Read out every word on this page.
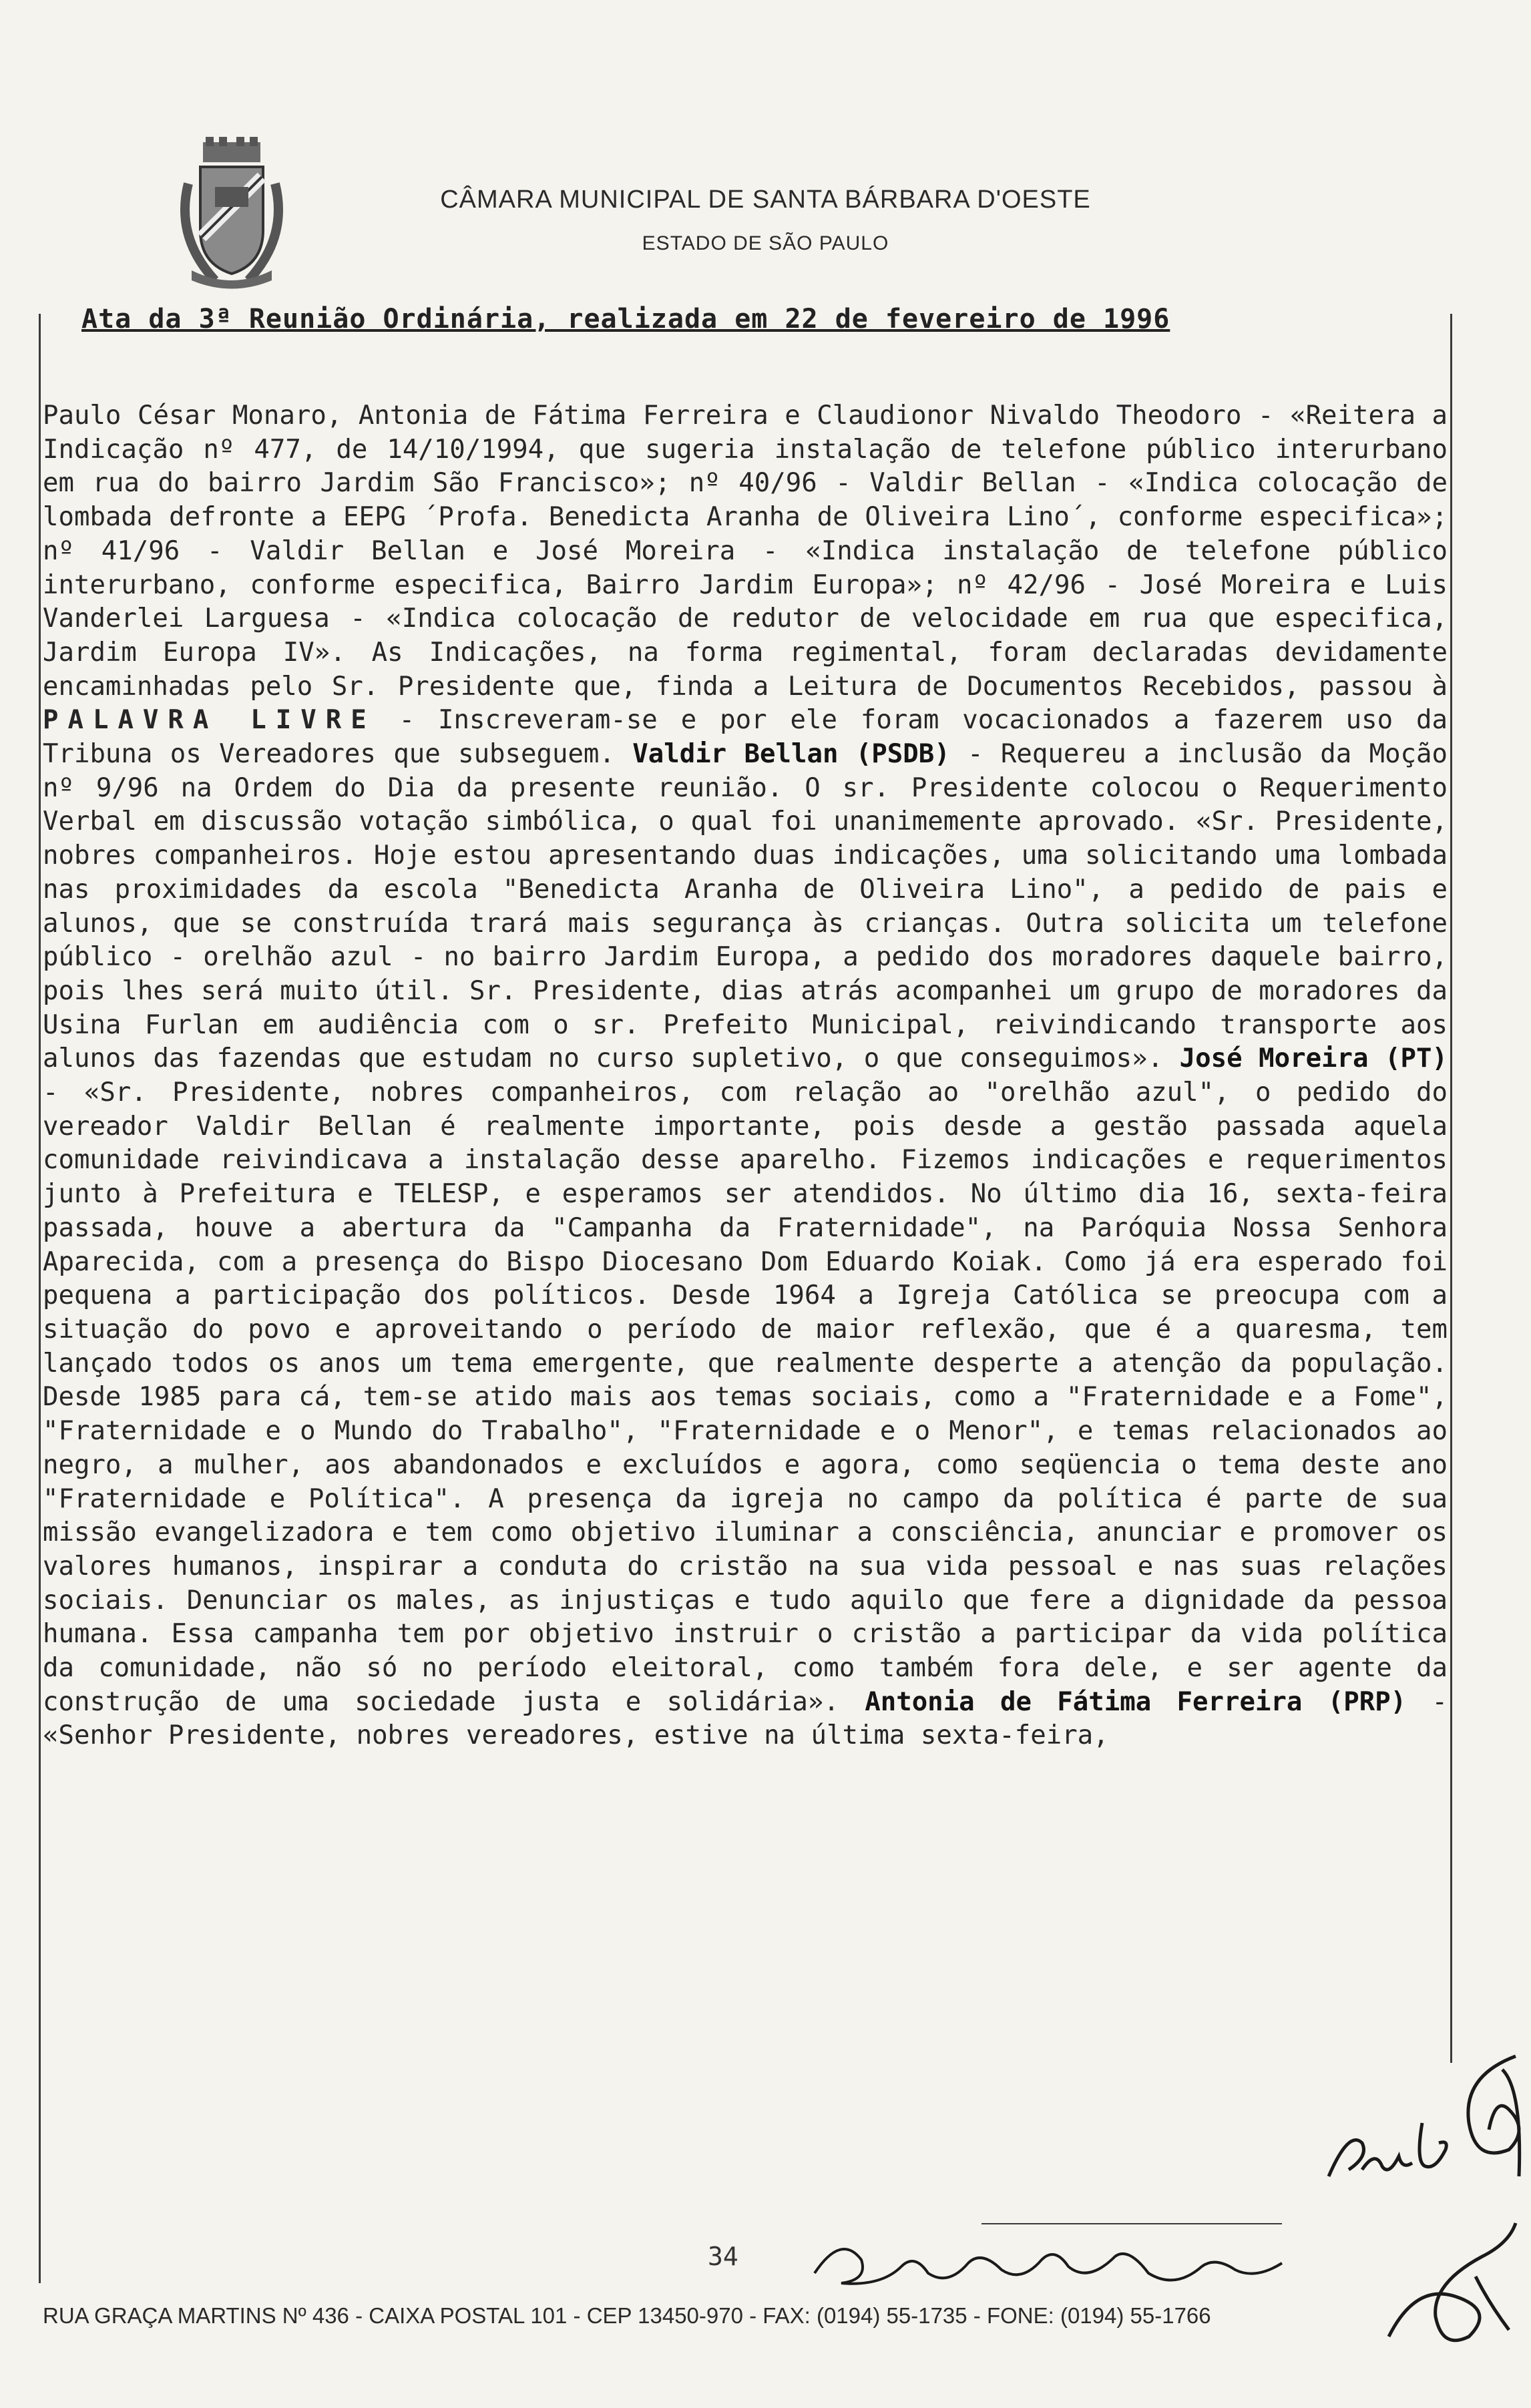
CÂMARA MUNICIPAL DE SANTA BÁRBARA D'OESTE
ESTADO DE SÃO PAULO
Ata da 3ª Reunião Ordinária, realizada em 22 de fevereiro de 1996

Paulo César Monaro, Antonia de Fátima Ferreira e Claudionor Nivaldo Theodoro - «Reitera a Indicação nº 477, de 14/10/1994, que sugeria instalação de telefone público interurbano em rua do bairro Jardim São Francisco»; nº 40/96 - Valdir Bellan - «Indica colocação de lombada defronte a EEPG ´Profa. Benedicta Aranha de Oliveira Lino´, conforme especifica»; nº 41/96 - Valdir Bellan e José Moreira - «Indica instalação de telefone público interurbano, conforme especifica, Bairro Jardim Europa»; nº 42/96 - José Moreira e Luis Vanderlei Larguesa - «Indica colocação de redutor de velocidade em rua que especifica, Jardim Europa IV». As Indicações, na forma regimental, foram declaradas devidamente encaminhadas pelo Sr. Presidente que, finda a Leitura de Documentos Recebidos, passou à PALAVRA LIVRE - Inscreveram-se e por ele foram vocacionados a fazerem uso da Tribuna os Vereadores que subseguem. Valdir Bellan (PSDB) - Requereu a inclusão da Moção nº 9/96 na Ordem do Dia da presente reunião. O sr. Presidente colocou o Requerimento Verbal em discussão votação simbólica, o qual foi unanimemente aprovado. «Sr. Presidente, nobres companheiros. Hoje estou apresentando duas indicações, uma solicitando uma lombada nas proximidades da escola "Benedicta Aranha de Oliveira Lino", a pedido de pais e alunos, que se construída trará mais segurança às crianças. Outra solicita um telefone público - orelhão azul - no bairro Jardim Europa, a pedido dos moradores daquele bairro, pois lhes será muito útil. Sr. Presidente, dias atrás acompanhei um grupo de moradores da Usina Furlan em audiência com o sr. Prefeito Municipal, reivindicando transporte aos alunos das fazendas que estudam no curso supletivo, o que conseguimos». José Moreira (PT) - «Sr. Presidente, nobres companheiros, com relação ao "orelhão azul", o pedido do vereador Valdir Bellan é realmente importante, pois desde a gestão passada aquela comunidade reivindicava a instalação desse aparelho. Fizemos indicações e requerimentos junto à Prefeitura e TELESP, e esperamos ser atendidos. No último dia 16, sexta-feira passada, houve a abertura da "Campanha da Fraternidade", na Paróquia Nossa Senhora Aparecida, com a presença do Bispo Diocesano Dom Eduardo Koiak. Como já era esperado foi pequena a participação dos políticos. Desde 1964 a Igreja Católica se preocupa com a situação do povo e aproveitando o período de maior reflexão, que é a quaresma, tem lançado todos os anos um tema emergente, que realmente desperte a atenção da população. Desde 1985 para cá, tem-se atido mais aos temas sociais, como a "Fraternidade e a Fome", "Fraternidade e o Mundo do Trabalho", "Fraternidade e o Menor", e temas relacionados ao negro, a mulher, aos abandonados e excluídos e agora, como seqüencia o tema deste ano "Fraternidade e Política". A presença da igreja no campo da política é parte de sua missão evangelizadora e tem como objetivo iluminar a consciência, anunciar e promover os valores humanos, inspirar a conduta do cristão na sua vida pessoal e nas suas relações sociais. Denunciar os males, as injustiças e tudo aquilo que fere a dignidade da pessoa humana. Essa campanha tem por objetivo instruir o cristão a participar da vida política da comunidade, não só no período eleitoral, como também fora dele, e ser agente da construção de uma sociedade justa e solidária». Antonia de Fátima Ferreira (PRP) - «Senhor Presidente, nobres vereadores, estive na última sexta-feira,

34
RUA GRAÇA MARTINS Nº 436 - CAIXA POSTAL 101 - CEP 13450-970 - FAX: (0194) 55-1735 - FONE: (0194) 55-1766
